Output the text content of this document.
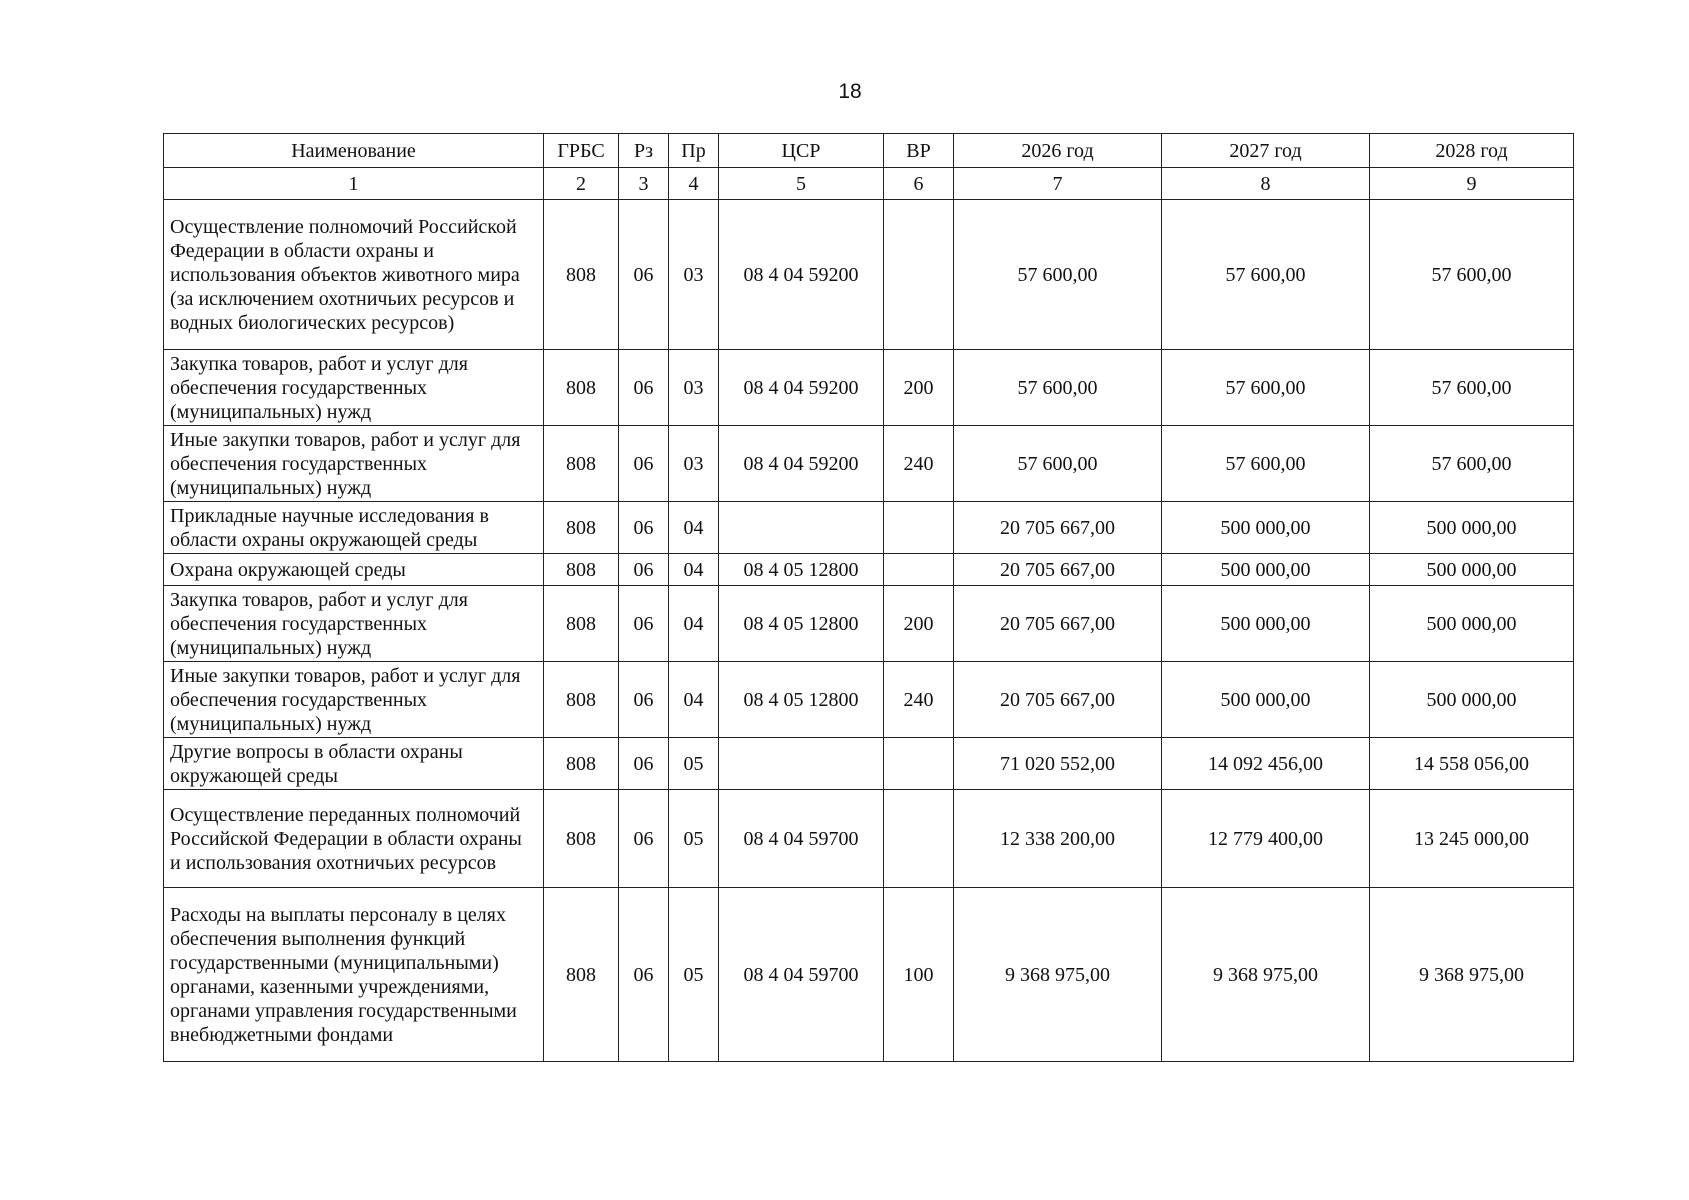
18
Наименование	ГРБС	Рз	Пр	ЦСР	ВР	2026 год	2027 год	2028 год
1	2	3	4	5	6	7	8	9
Осуществление полномочий Российской Федерации в области охраны и использования объектов животного мира (за исключением охотничьих ресурсов и водных биологических ресурсов)	808	06	03	08 4 04 59200		57 600,00	57 600,00	57 600,00
Закупка товаров, работ и услуг для обеспечения государственных (муниципальных) нужд	808	06	03	08 4 04 59200	200	57 600,00	57 600,00	57 600,00
Иные закупки товаров, работ и услуг для обеспечения государственных (муниципальных) нужд	808	06	03	08 4 04 59200	240	57 600,00	57 600,00	57 600,00
Прикладные научные исследования в области охраны окружающей среды	808	06	04			20 705 667,00	500 000,00	500 000,00
Охрана окружающей среды	808	06	04	08 4 05 12800		20 705 667,00	500 000,00	500 000,00
Закупка товаров, работ и услуг для обеспечения государственных (муниципальных) нужд	808	06	04	08 4 05 12800	200	20 705 667,00	500 000,00	500 000,00
Иные закупки товаров, работ и услуг для обеспечения государственных (муниципальных) нужд	808	06	04	08 4 05 12800	240	20 705 667,00	500 000,00	500 000,00
Другие вопросы в области охраны окружающей среды	808	06	05			71 020 552,00	14 092 456,00	14 558 056,00
Осуществление переданных полномочий Российской Федерации в области охраны и использования охотничьих ресурсов	808	06	05	08 4 04 59700		12 338 200,00	12 779 400,00	13 245 000,00
Расходы на выплаты персоналу в целях обеспечения выполнения функций государственными (муниципальными) органами, казенными учреждениями, органами управления государственными внебюджетными фондами	808	06	05	08 4 04 59700	100	9 368 975,00	9 368 975,00	9 368 975,00
